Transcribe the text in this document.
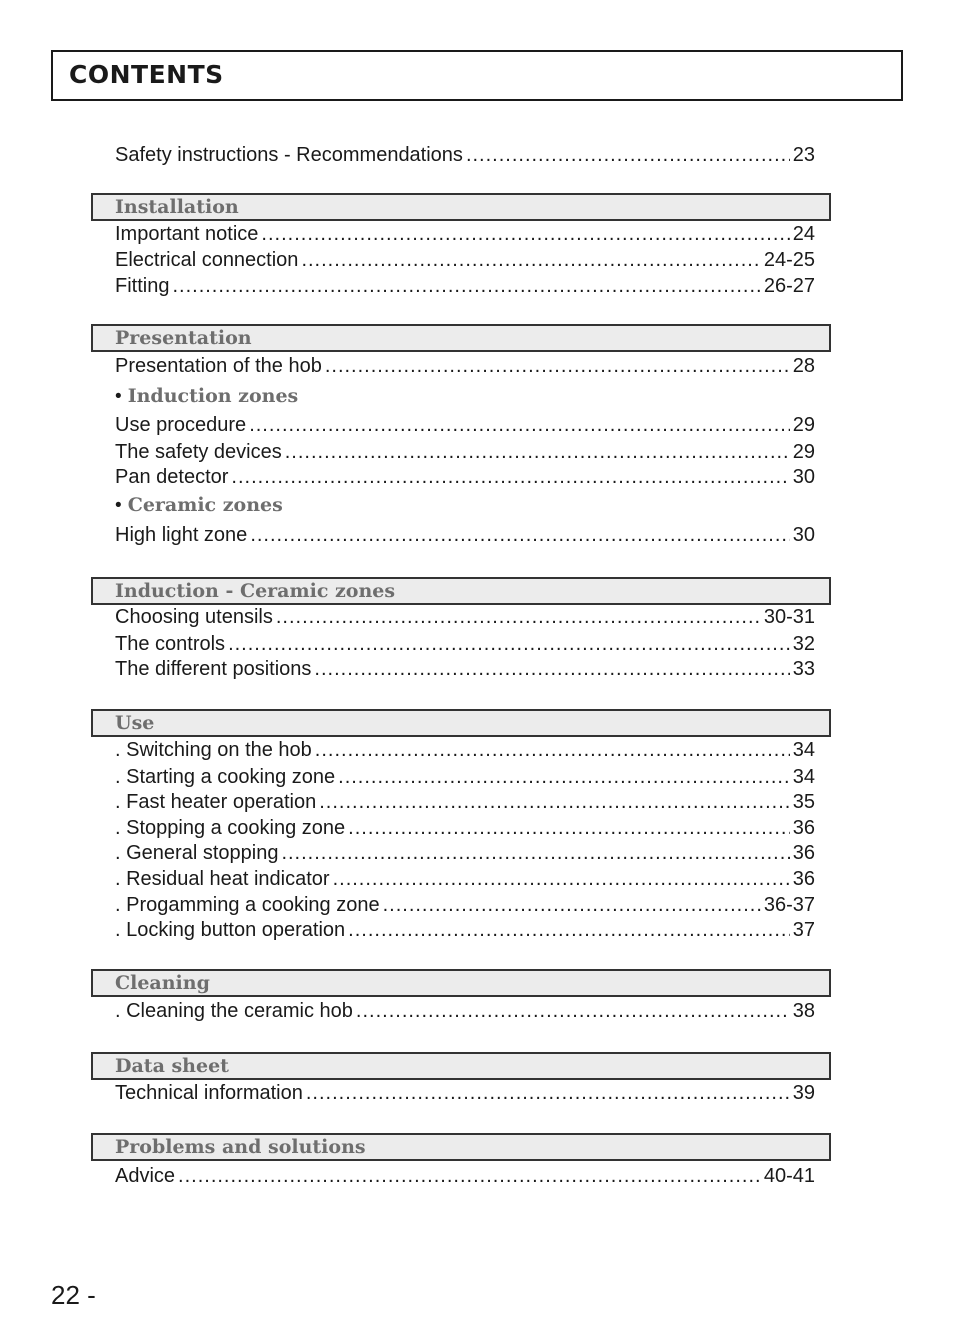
CONTENTS
Safety instructions - Recommendations .....	23
Installation
Important notice .....	24
Electrical connection .....	24-25
Fitting .....	26-27
Presentation
Presentation of the hob .....	28
• Induction zones
Use procedure .....	29
The safety devices .....	29
Pan detector .....	30
• Ceramic zones
High light zone .....	30
Induction - Ceramic zones
Choosing utensils .....	30-31
The controls .....	32
The different positions .....	33
Use
. Switching on the hob .....	34
. Starting a cooking zone .....	34
. Fast heater operation .....	35
. Stopping a cooking zone .....	36
. General stopping .....	36
. Residual heat indicator .....	36
. Progamming a cooking zone .....	36-37
. Locking button operation .....	37
Cleaning
. Cleaning the ceramic hob .....	38
Data sheet
Technical information .....	39
Problems and solutions
Advice .....	40-41
22 -
